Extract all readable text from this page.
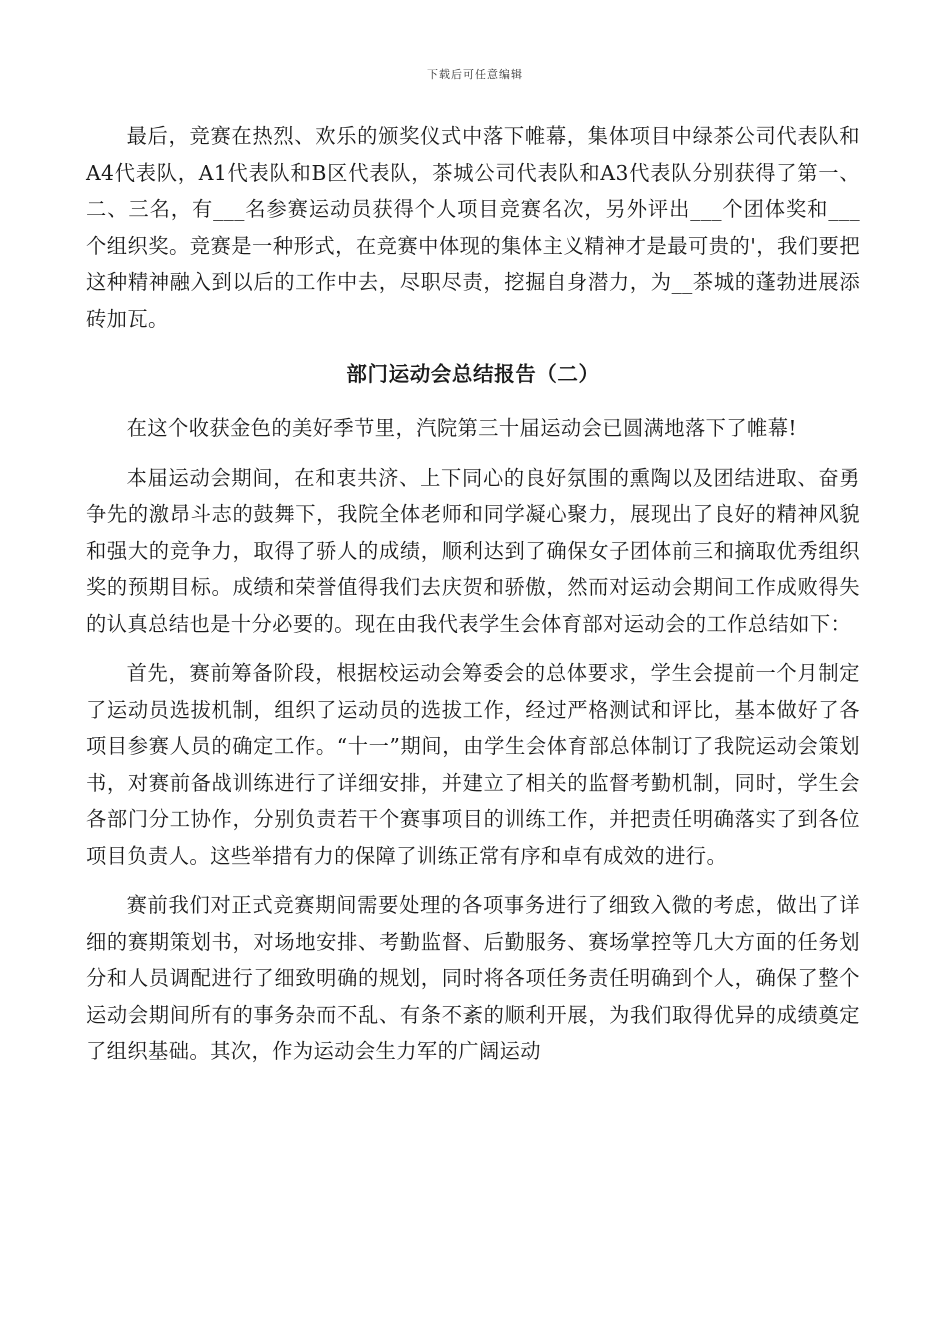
下载后可任意编辑

最后，竞赛在热烈、欢乐的颁奖仪式中落下帷幕，集体项目中绿茶公司代表队和A4代表队，A1代表队和B区代表队，茶城公司代表队和A3代表队分别获得了第一、二、三名，有___名参赛运动员获得个人项目竞赛名次，另外评出___个团体奖和___个组织奖。竞赛是一种形式，在竞赛中体现的集体主义精神才是最可贵的'，我们要把这种精神融入到以后的工作中去，尽职尽责，挖掘自身潜力，为__茶城的蓬勃进展添砖加瓦。

部门运动会总结报告（二）

在这个收获金色的美好季节里，汽院第三十届运动会已圆满地落下了帷幕!

本届运动会期间，在和衷共济、上下同心的良好氛围的熏陶以及团结进取、奋勇争先的激昂斗志的鼓舞下，我院全体老师和同学凝心聚力，展现出了良好的精神风貌和强大的竞争力，取得了骄人的成绩，顺利达到了确保女子团体前三和摘取优秀组织奖的预期目标。成绩和荣誉值得我们去庆贺和骄傲，然而对运动会期间工作成败得失的认真总结也是十分必要的。现在由我代表学生会体育部对运动会的工作总结如下：

首先，赛前筹备阶段，根据校运动会筹委会的总体要求，学生会提前一个月制定了运动员选拔机制，组织了运动员的选拔工作，经过严格测试和评比，基本做好了各项目参赛人员的确定工作。“十一”期间，由学生会体育部总体制订了我院运动会策划书，对赛前备战训练进行了详细安排，并建立了相关的监督考勤机制，同时，学生会各部门分工协作，分别负责若干个赛事项目的训练工作，并把责任明确落实了到各位项目负责人。这些举措有力的保障了训练正常有序和卓有成效的进行。

赛前我们对正式竞赛期间需要处理的各项事务进行了细致入微的考虑，做出了详细的赛期策划书，对场地安排、考勤监督、后勤服务、赛场掌控等几大方面的任务划分和人员调配进行了细致明确的规划，同时将各项任务责任明确到个人，确保了整个运动会期间所有的事务杂而不乱、有条不紊的顺利开展，为我们取得优异的成绩奠定了组织基础。其次，作为运动会生力军的广阔运动
